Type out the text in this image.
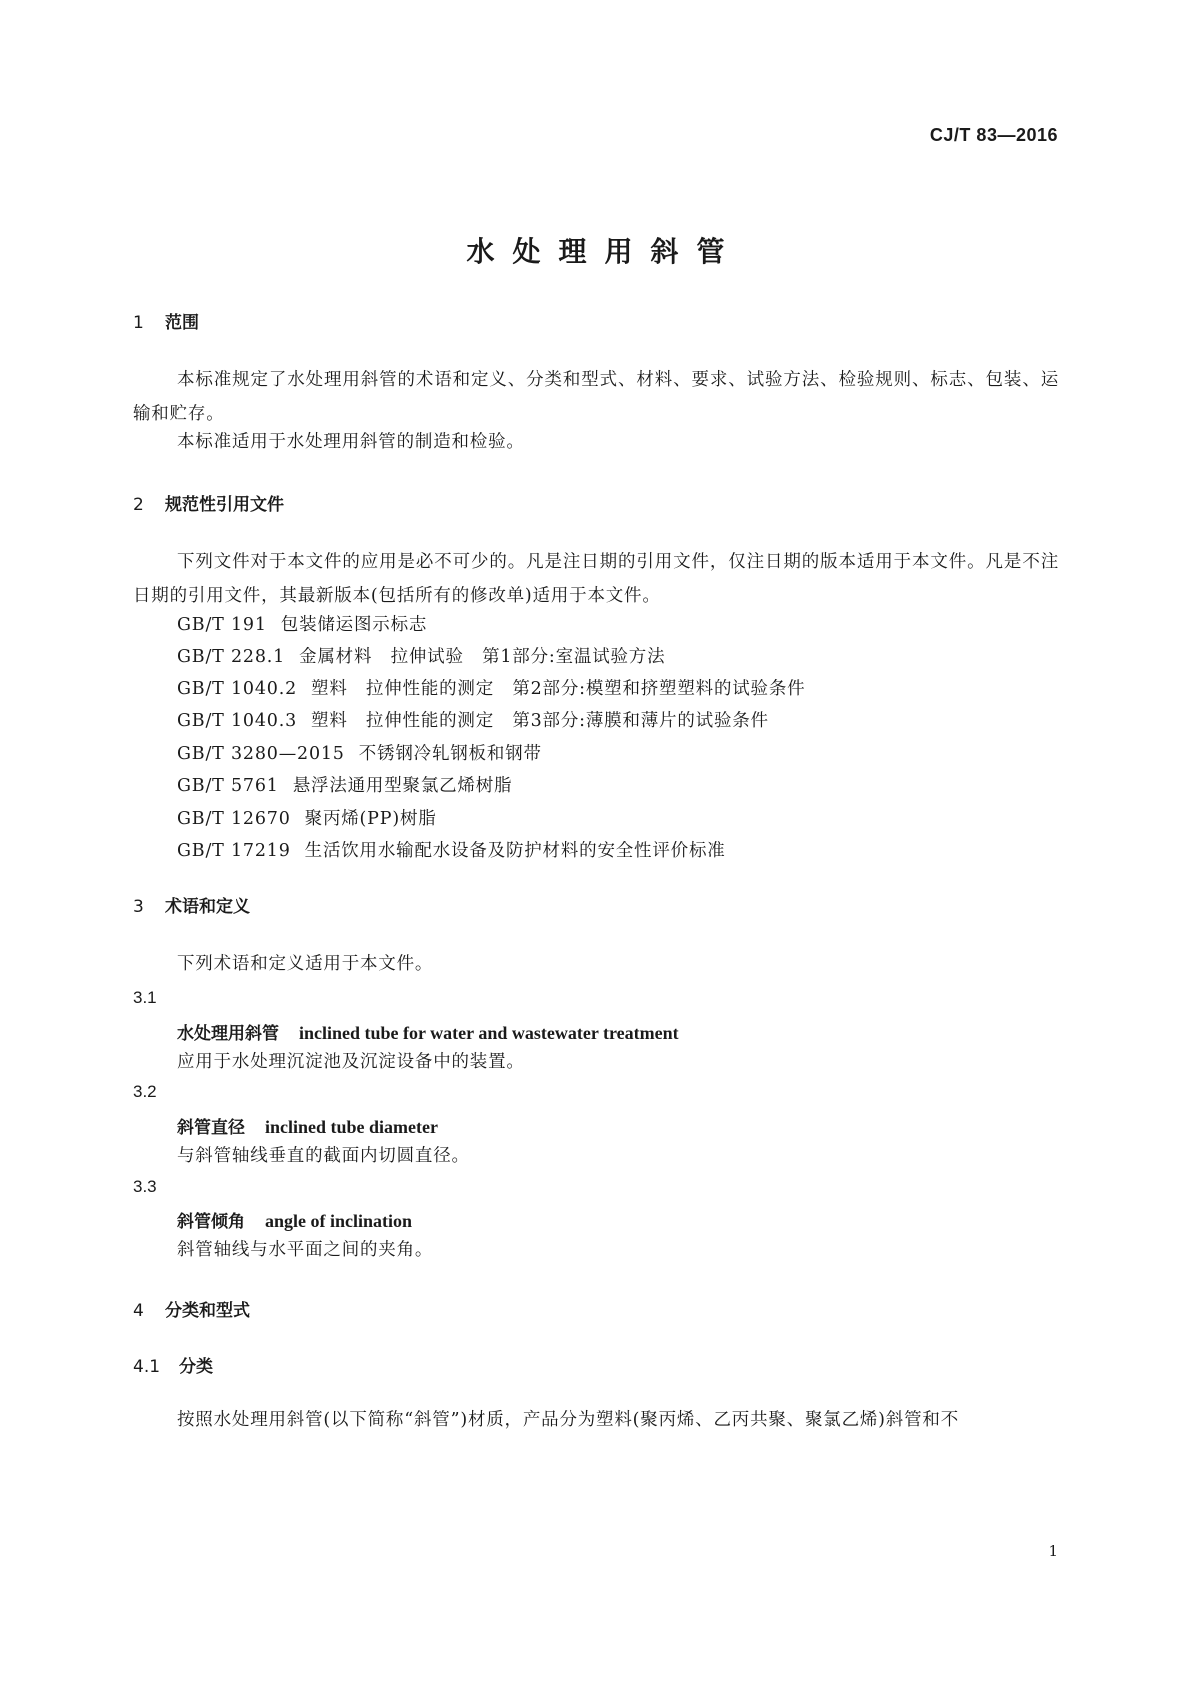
CJ/T 83—2016
水处理用斜管
1 范围
本标准规定了水处理用斜管的术语和定义、分类和型式、材料、要求、试验方法、检验规则、标志、包装、运输和贮存。
本标准适用于水处理用斜管的制造和检验。
2 规范性引用文件
下列文件对于本文件的应用是必不可少的。凡是注日期的引用文件，仅注日期的版本适用于本文件。凡是不注日期的引用文件，其最新版本(包括所有的修改单)适用于本文件。
GB/T 191 包装储运图示标志
GB/T 228.1 金属材料　拉伸试验　第1部分:室温试验方法
GB/T 1040.2 塑料　拉伸性能的测定　第2部分:模塑和挤塑塑料的试验条件
GB/T 1040.3 塑料　拉伸性能的测定　第3部分:薄膜和薄片的试验条件
GB/T 3280—2015 不锈钢冷轧钢板和钢带
GB/T 5761 悬浮法通用型聚氯乙烯树脂
GB/T 12670 聚丙烯(PP)树脂
GB/T 17219 生活饮用水输配水设备及防护材料的安全性评价标准
3 术语和定义
下列术语和定义适用于本文件。
3.1
水处理用斜管 inclined tube for water and wastewater treatment
应用于水处理沉淀池及沉淀设备中的装置。
3.2
斜管直径 inclined tube diameter
与斜管轴线垂直的截面内切圆直径。
3.3
斜管倾角 angle of inclination
斜管轴线与水平面之间的夹角。
4 分类和型式
4.1 分类
按照水处理用斜管(以下简称“斜管”)材质，产品分为塑料(聚丙烯、乙丙共聚、聚氯乙烯)斜管和不
1
